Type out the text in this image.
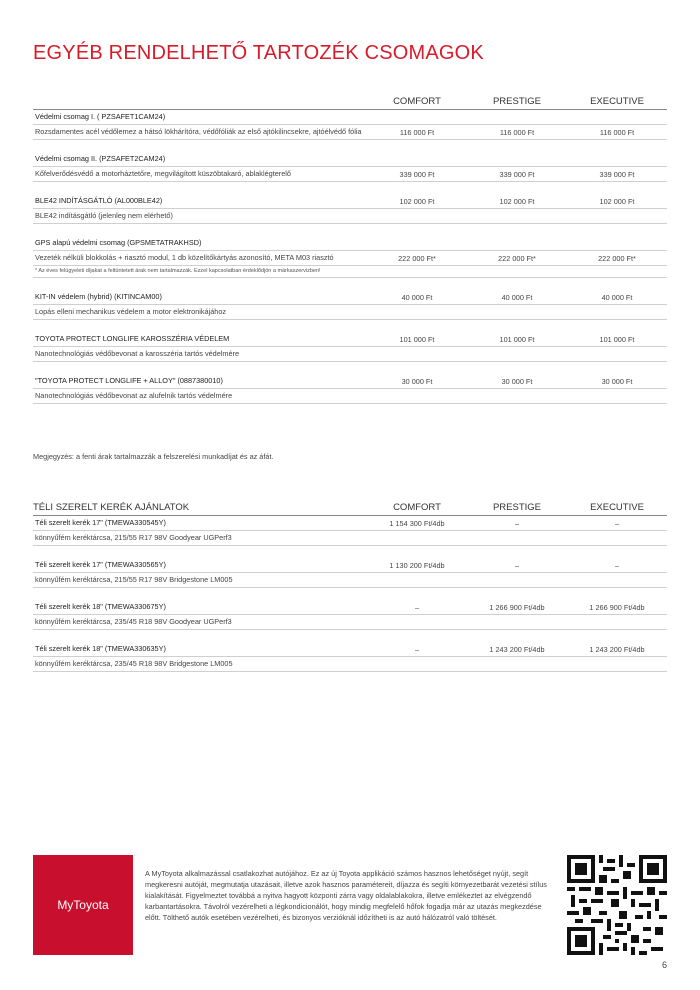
EGYÉB RENDELHETŐ TARTOZÉK CSOMAGOK
COMFORT	PRESTIGE	EXECUTIVE
Védelmi csomag I. ( PZSAFET1CAM24)
Rozsdamentes acél védőlemez a hátsó lökhárítóra, védőfóliák az első ajtókilincsekre, ajtóélvédő fólia	116 000 Ft	116 000 Ft	116 000 Ft
Védelmi csomag II. (PZSAFET2CAM24)
Kőfelverődésvédő a motorháztetőre, megvilágított küszöbtakaró, ablaklégterelő	339 000 Ft	339 000 Ft	339 000 Ft
BLE42 INDÍTÁSGÁTLÓ (AL000BLE42)	102 000 Ft	102 000 Ft	102 000 Ft
BLE42 indításgátló (jelenleg nem elérhető)
GPS alapú védelmi csomag (GPSMETATRAKHSD)
Vezeték nélküli blokkolás + riasztó modul, 1 db közelítőkártyás azonosító, META M03 riasztó	222 000 Ft*	222 000 Ft*	222 000 Ft*
* Az éves felügyeleti díjakat a feltüntetett árak nem tartalmazzák. Ezzel kapcsolatban érdeklődjön a márkaszervizben!
KIT-IN védelem (hybrid) (KITINCAM00)	40 000 Ft	40 000 Ft	40 000 Ft
Lopás elleni mechanikus védelem a motor elektronikájához
TOYOTA PROTECT LONGLIFE KAROSSZÉRIA VÉDELEM	101 000 Ft	101 000 Ft	101 000 Ft
Nanotechnológiás védőbevonat a karosszéria tartós védelmére
"TOYOTA PROTECT LONGLIFE + ALLOY" (0887380010)	30 000 Ft	30 000 Ft	30 000 Ft
Nanotechnológiás védőbevonat az alufelnik tartós védelmére

Megjegyzés: a fenti árak tartalmazzák a felszerelési munkadíjat és az áfát.

TÉLI SZERELT KERÉK AJÁNLATOK	COMFORT	PRESTIGE	EXECUTIVE
Téli szerelt kerék 17" (TMEWA330545Y)	1 154 300 Ft/4db	–	–
könnyűfém keréktárcsa, 215/55 R17 98V Goodyear UGPerf3
Téli szerelt kerék 17" (TMEWA330565Y)	1 130 200 Ft/4db	–	–
könnyűfém keréktárcsa, 215/55 R17 98V Bridgestone LM005
Téli szerelt kerék 18" (TMEWA330675Y)	–	1 266 900 Ft/4db	1 266 900 Ft/4db
könnyűfém keréktárcsa, 235/45 R18 98V Goodyear UGPerf3
Téli szerelt kerék 18" (TMEWA330635Y)	–	1 243 200 Ft/4db	1 243 200 Ft/4db
könnyűfém keréktárcsa, 235/45 R18 98V Bridgestone LM005
MyToyota

A MyToyota alkalmazással csatlakozhat autójához. Ez az új Toyota applikáció számos hasznos lehetőséget nyújt, segít megkeresni autóját, megmutatja utazásait, illetve azok hasznos paramétereit, díjazza és segíti környezetbarát vezetési stílus kialakítását. Figyelmeztet továbbá a nyitva hagyott központi zárra vagy oldalablakokra, illetve emlékeztet az elvégzendő karbantartásokra. Távolról vezérelheti a légkondicionálót, hogy mindig megfelelő hőfok fogadja már az utazás megkezdése előtt. Tölthető autók esetében vezérelheti, és bizonyos verzióknál időzítheti is az autó hálózatról való töltését.

6
